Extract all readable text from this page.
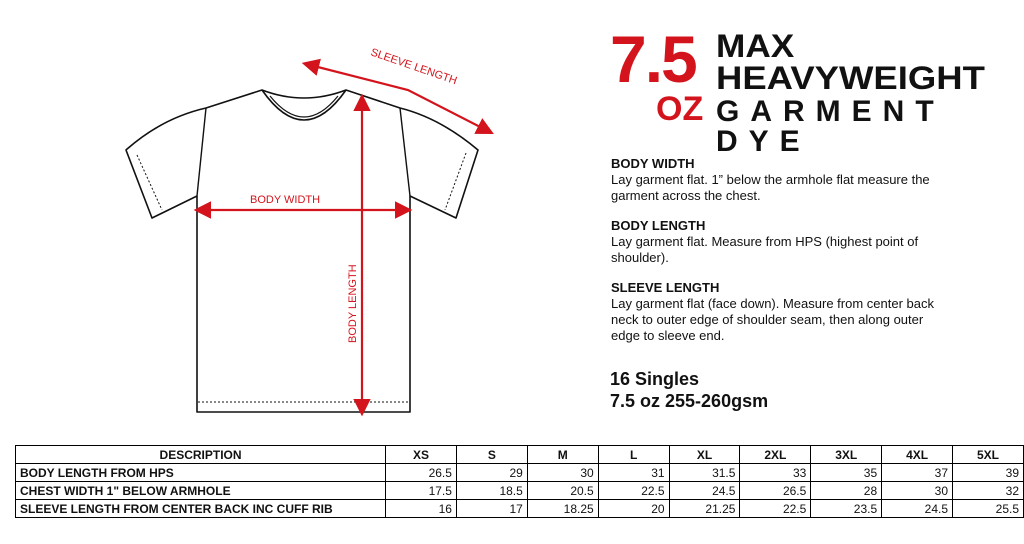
SLEEVE LENGTH
BODY WIDTH
BODY LENGTH
7.5
OZ
MAX
HEAVYWEIGHT
GARMENT DYE
BODY WIDTH

Lay garment flat. 1” below the armhole flat measure the garment across the chest.

BODY LENGTH

Lay garment flat. Measure from HPS (highest point of shoulder).

SLEEVE LENGTH

Lay garment flat (face down). Measure from center back neck to outer edge of shoulder seam, then along outer edge to sleeve end.

16 Singles
7.5 oz 255-260gsm
DESCRIPTION	XS	S	M	L	XL	2XL	3XL	4XL	5XL
BODY LENGTH FROM HPS	26.5	29	30	31	31.5	33	35	37	39
CHEST WIDTH 1" BELOW ARMHOLE	17.5	18.5	20.5	22.5	24.5	26.5	28	30	32
SLEEVE LENGTH FROM CENTER BACK INC CUFF RIB	16	17	18.25	20	21.25	22.5	23.5	24.5	25.5
